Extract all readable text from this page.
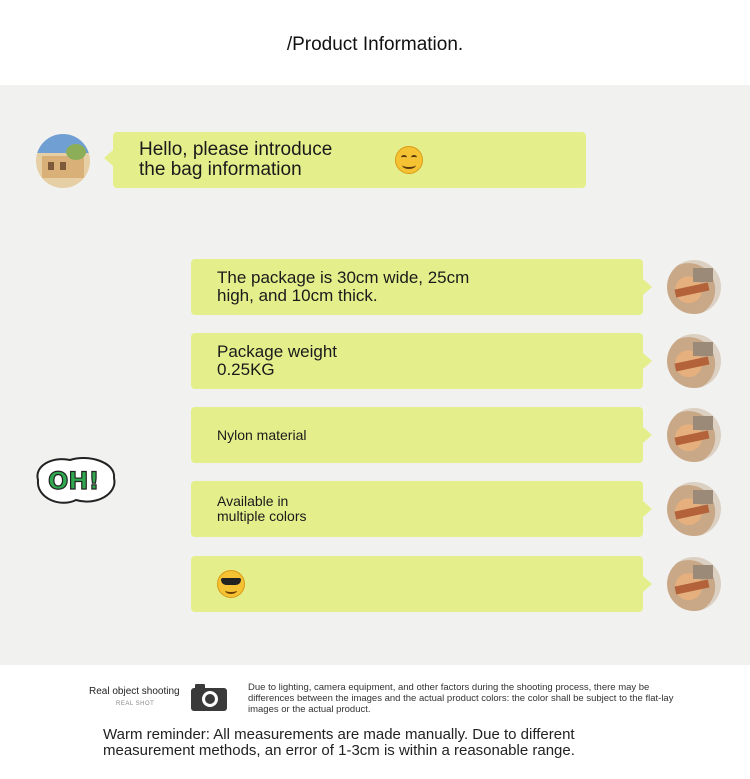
/Product Information.
Hello, please introduce
the bag information
The package is 30cm wide, 25cm
high, and 10cm thick.
Package weight
0.25KG
Nylon material
Available in
multiple colors
OH!
Real object shooting
REAL SHOT
Due to lighting, camera equipment, and other factors during the shooting process, there may be differences between the images and the actual product colors: the color shall be subject to the flat-lay images or the actual product.
Warm reminder: All measurements are made manually. Due to different
measurement methods, an error of 1-3cm is within a reasonable range.
